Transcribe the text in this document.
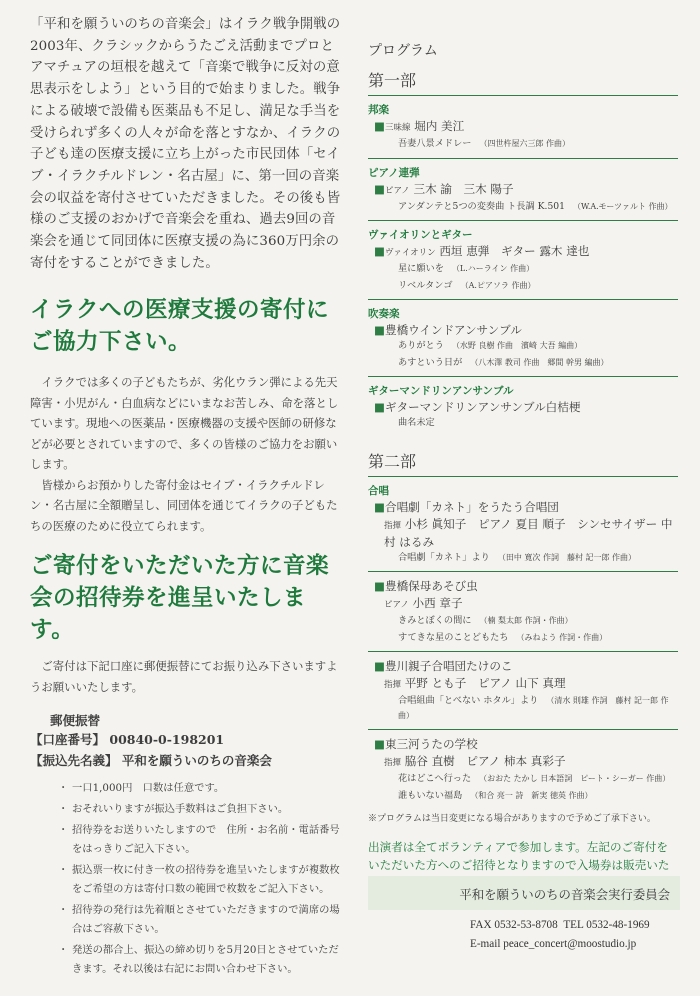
「平和を願ういのちの音楽会」はイラク戦争開戦の2003年、クラシックからうたごえ活動までプロとアマチュアの垣根を越えて「音楽で戦争に反対の意思表示をしよう」という目的で始まりました。戦争による破壊で設備も医薬品も不足し、満足な手当を受けられず多くの人々が命を落とすなか、イラクの子ども達の医療支援に立ち上がった市民団体「セイブ・イラクチルドレン・名古屋」に、第一回の音楽会の収益を寄付させていただきました。その後も皆様のご支援のおかげで音楽会を重ね、過去9回の音楽会を通じて同団体に医療支援の為に360万円余の寄付をすることができました。

イラクへの医療支援の寄付にご協力下さい。

イラクでは多くの子どもたちが、劣化ウラン弾による先天障害・小児がん・白血病などにいまなお苦しみ、命を落としています。現地への医薬品・医療機器の支援や医師の研修などが必要とされていますので、多くの皆様のご協力をお願いします。

皆様からお預かりした寄付金はセイブ・イラクチルドレン・名古屋に全額贈呈し、同団体を通じてイラクの子どもたちの医療のために役立てられます。

ご寄付をいただいた方に音楽会の招待券を進呈いたします。

ご寄付は下記口座に郵便振替にてお振り込み下さいますようお願いいたします。

郵便振替

【口座番号】 00840-0-198201

【振込先名義】 平和を願ういのちの音楽会

・ 一口1,000円　口数は任意です。
・ おそれいりますが振込手数料はご負担下さい。
・ 招待券をお送りいたしますので　住所・お名前・電話番号をはっきりご記入下さい。
・ 振込票一枚に付き一枚の招待券を進呈いたしますが複数枚をご希望の方は寄付口数の範囲で枚数をご記入下さい。
・ 招待券の発行は先着順とさせていただきますので満席の場合はご容赦下さい。
・ 発送の都合上、振込の締め切りを5月20日とさせていただきます。それ以後は右記にお問い合わせ下さい。

プログラム

第一部

邦楽

■三味線 堀内 美江

吾妻八景メドレー （四世杵屋六三郎 作曲）

ピアノ連弾

■ピアノ 三木 諭　三木 陽子

アンダンテと5つの変奏曲 ト長調 K.501 （W.A.モーツァルト 作曲）

ヴァイオリンとギター

■ヴァイオリン 西垣 恵弾　ギター 露木 達也

星に願いを （L.ハーライン 作曲）

リベルタンゴ （A.ピアソラ 作曲）

吹奏楽

■豊橋ウインドアンサンブル

ありがとう （水野 良樹 作曲　濱崎 大吾 編曲）

あすという日が （八木澤 教司 作曲　郷間 幹男 編曲）

ギターマンドリンアンサンブル

■ギターマンドリンアンサンブル白桔梗

曲名未定

第二部

合唱

■合唱劇「カネト」をうたう合唱団

指揮 小杉 眞知子　ピアノ 夏目 順子　シンセサイザー 中村 はるみ

合唱劇「カネト」より （田中 寛次 作詞　藤村 記一郎 作曲）

■豊橋保母あそび虫

ピアノ 小西 章子

きみとぼくの間に （楠 梨太郎 作詞・作曲）

すてきな星のことどもたち （みねよう 作詞・作曲）

■豊川親子合唱団たけのこ

指揮 平野 とも子　ピアノ 山下 真理

合唱組曲「とべない ホタル」より （清水 則雄 作詞　藤村 記一郎 作曲）

■東三河うたの学校

指揮 脇谷 直樹　ピアノ 柿本 真彩子

花はどこへ行った （おおた たかし 日本語詞　ピート・シーガー 作曲）

誰もいない福島 （和合 亮一 詩　新実 徳英 作曲）

※プログラムは当日変更になる場合がありますので予めご了承下さい。

出演者は全てボランティアで参加します。左記のご寄付をいただいた方へのご招待となりますので入場券は販売いた

平和を願ういのちの音楽会実行委員会

FAX 0532-53-8708 TEL 0532-48-1969
E-mail peace_concert@moostudio.jp
